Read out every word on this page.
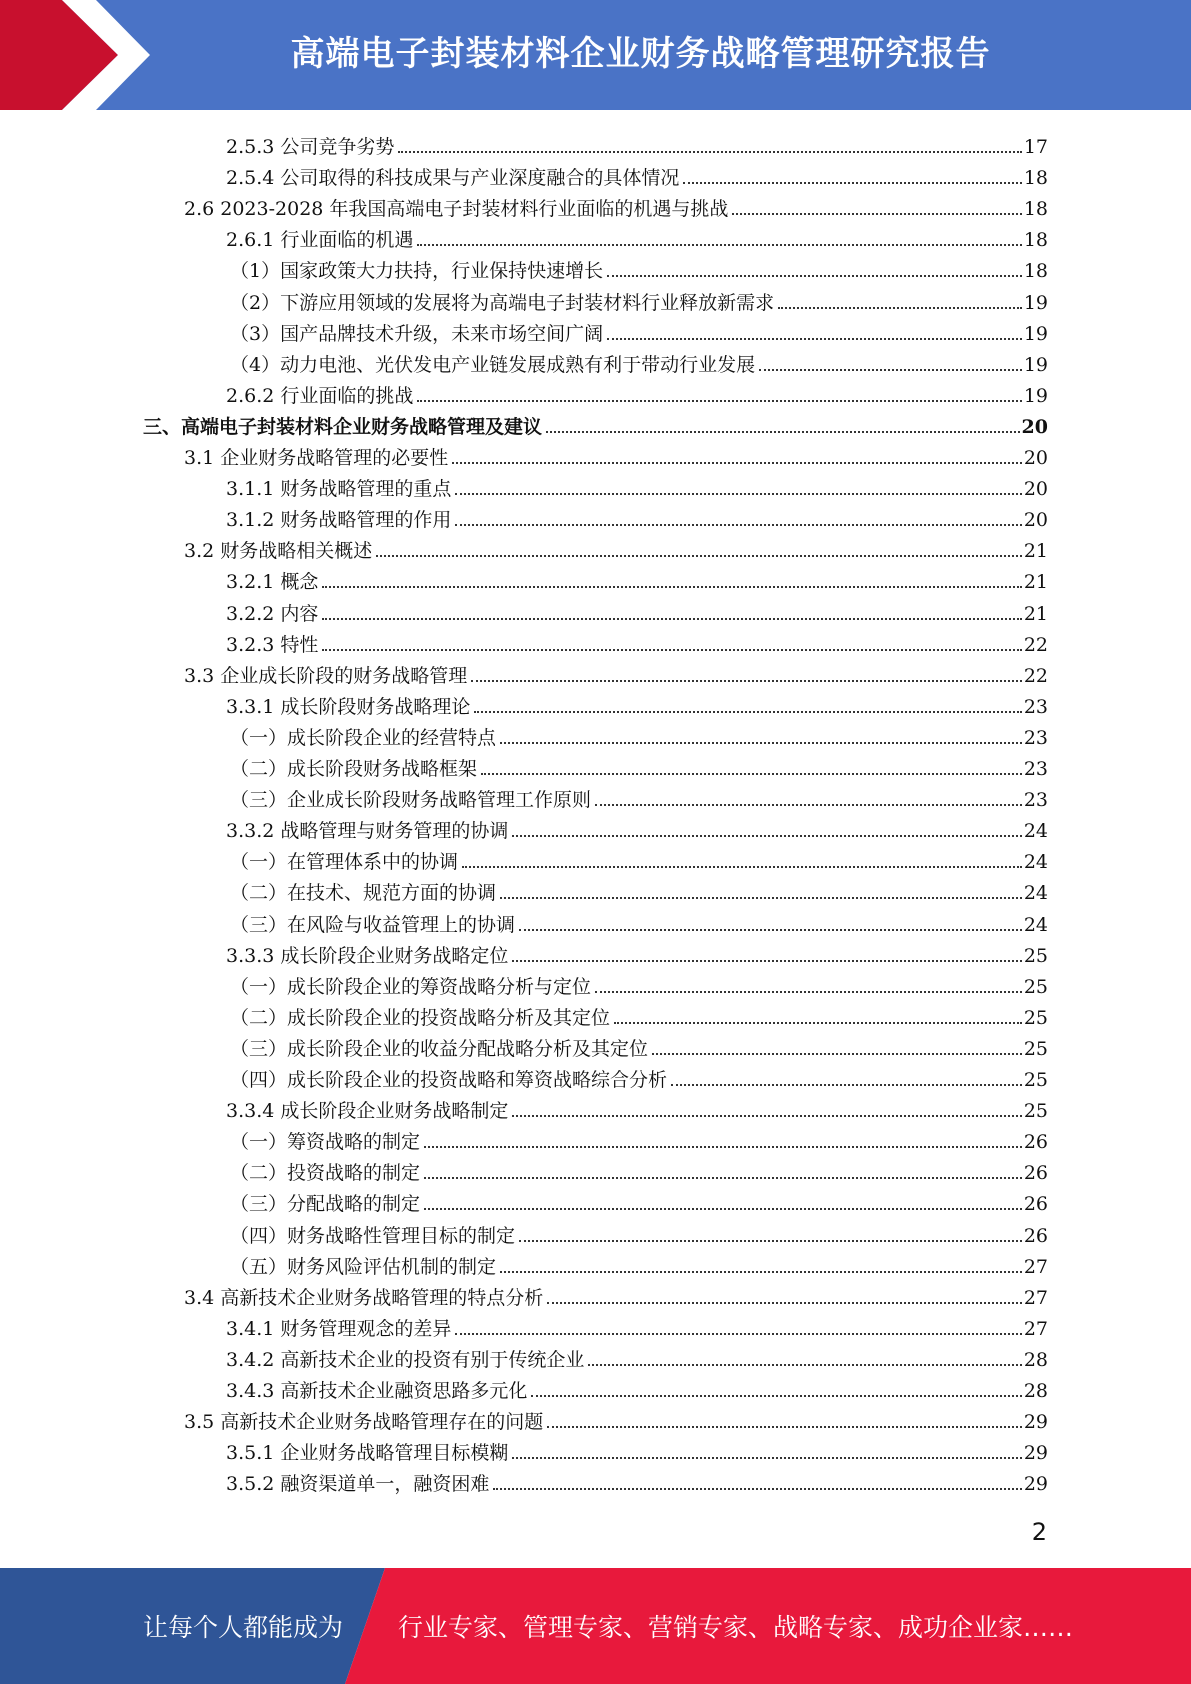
高端电子封装材料企业财务战略管理研究报告
2.5.3 公司竞争劣势	17
2.5.4 公司取得的科技成果与产业深度融合的具体情况	18
2.6 2023-2028 年我国高端电子封装材料行业面临的机遇与挑战	18
2.6.1 行业面临的机遇	18
（1）国家政策大力扶持，行业保持快速增长	18
（2）下游应用领域的发展将为高端电子封装材料行业释放新需求	19
（3）国产品牌技术升级，未来市场空间广阔	19
（4）动力电池、光伏发电产业链发展成熟有利于带动行业发展	19
2.6.2 行业面临的挑战	19
三、高端电子封装材料企业财务战略管理及建议	20
3.1 企业财务战略管理的必要性	20
3.1.1 财务战略管理的重点	20
3.1.2 财务战略管理的作用	20
3.2 财务战略相关概述	21
3.2.1 概念	21
3.2.2 内容	21
3.2.3 特性	22
3.3 企业成长阶段的财务战略管理	22
3.3.1 成长阶段财务战略理论	23
（一）成长阶段企业的经营特点	23
（二）成长阶段财务战略框架	23
（三）企业成长阶段财务战略管理工作原则	23
3.3.2 战略管理与财务管理的协调	24
（一）在管理体系中的协调	24
（二）在技术、规范方面的协调	24
（三）在风险与收益管理上的协调	24
3.3.3 成长阶段企业财务战略定位	25
（一）成长阶段企业的筹资战略分析与定位	25
（二）成长阶段企业的投资战略分析及其定位	25
（三）成长阶段企业的收益分配战略分析及其定位	25
（四）成长阶段企业的投资战略和筹资战略综合分析	25
3.3.4 成长阶段企业财务战略制定	25
（一）筹资战略的制定	26
（二）投资战略的制定	26
（三）分配战略的制定	26
（四）财务战略性管理目标的制定	26
（五）财务风险评估机制的制定	27
3.4 高新技术企业财务战略管理的特点分析	27
3.4.1 财务管理观念的差异	27
3.4.2 高新技术企业的投资有别于传统企业	28
3.4.3 高新技术企业融资思路多元化	28
3.5 高新技术企业财务战略管理存在的问题	29
3.5.1 企业财务战略管理目标模糊	29
3.5.2 融资渠道单一，融资困难	29
2
让每个人都能成为 行业专家、管理专家、营销专家、战略专家、成功企业家……
